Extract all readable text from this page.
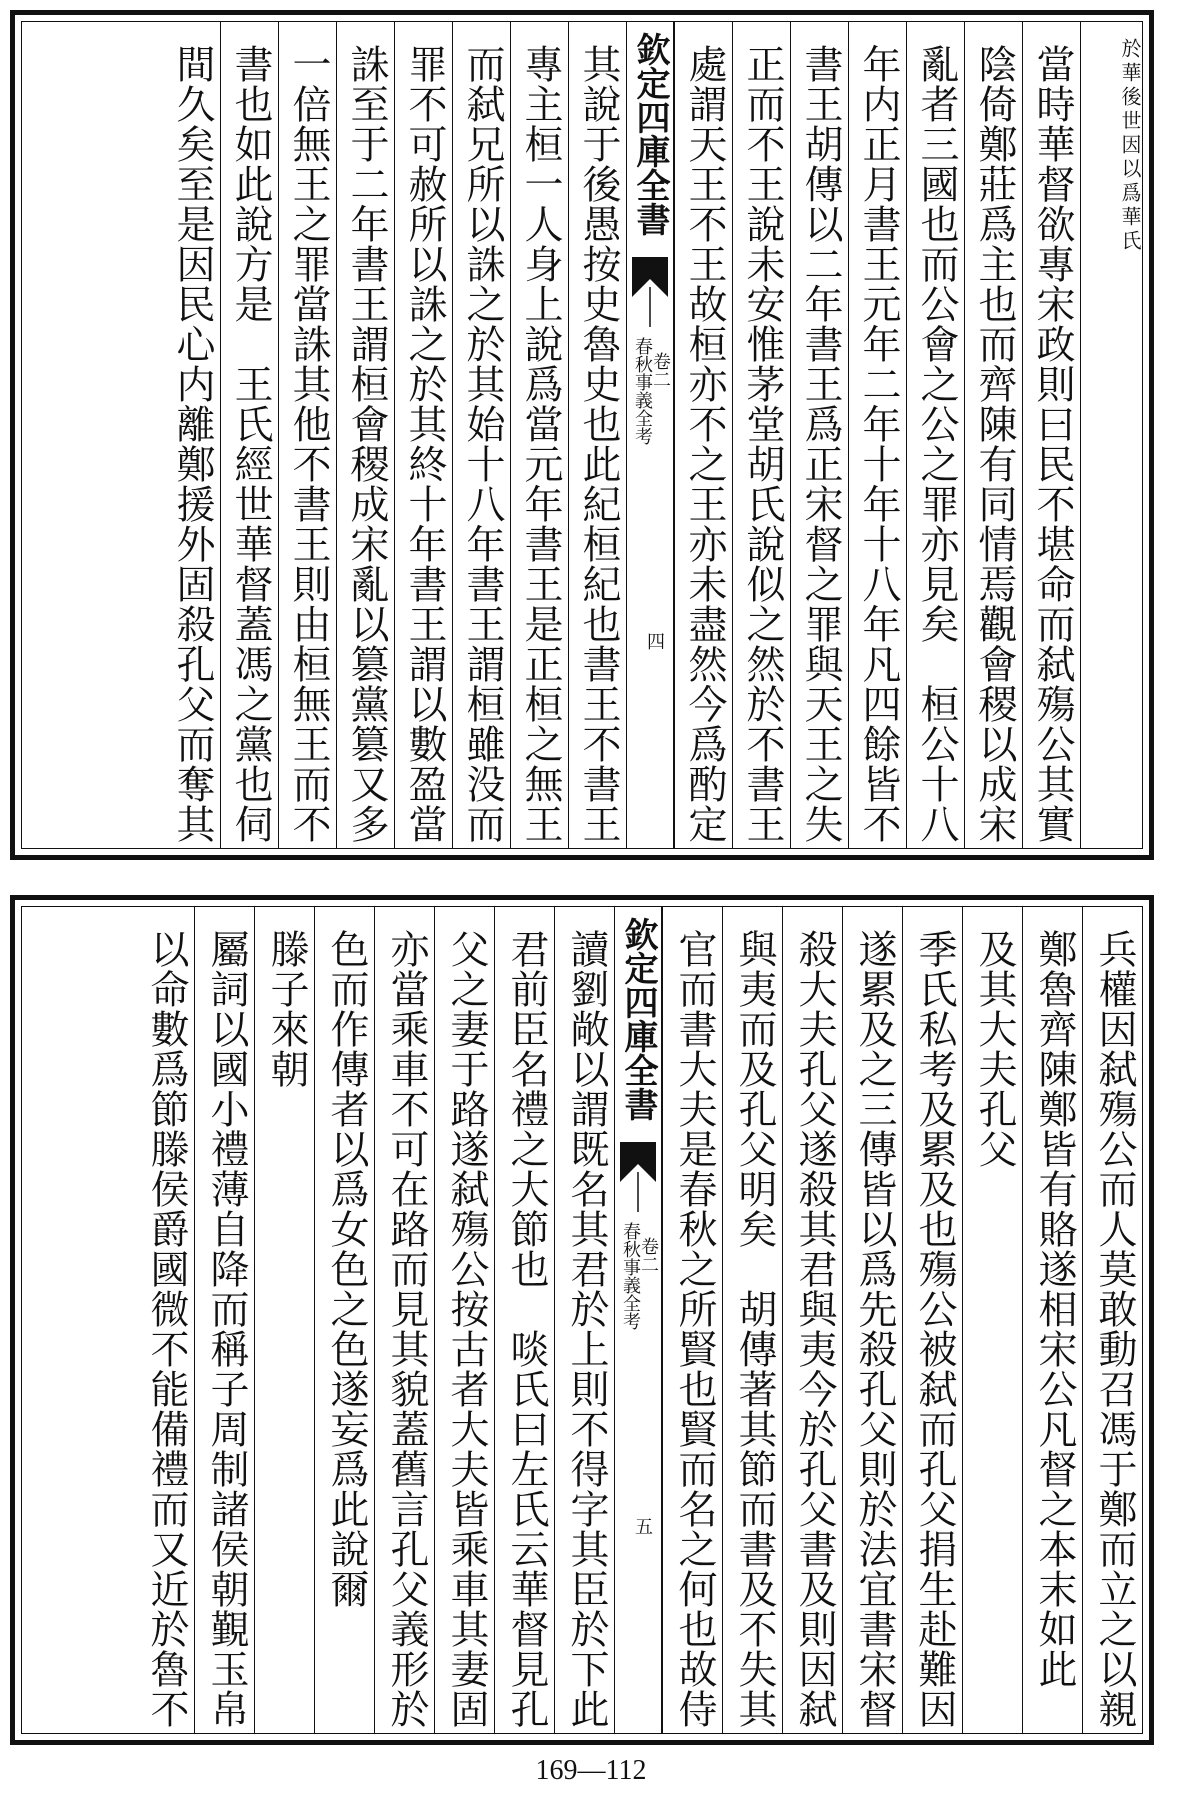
於華後世因
以爲華氏
當時華督欲專宋政則曰民不堪命而弑殤公其實
陰倚鄭莊爲主也而齊陳有同情焉觀會稷以成宋
亂者三國也而公會之公之罪亦見矣　桓公十八
年内正月書王元年二年十年十八年凡四餘皆不
書王胡傳以二年書王爲正宋督之罪與天王之失
正而不王說未安惟茅堂胡氏說似之然於不書王
處謂天王不王故桓亦不之王亦未盡然今爲酌定
欽定四庫全書
春秋事義全考
卷二
四
其說于後愚按史魯史也此紀桓紀也書王不書王
專主桓一人身上說爲當元年書王是正桓之無王
而弑兄所以誅之於其始十八年書王謂桓雖没而
罪不可赦所以誅之於其終十年書王謂以數盈當
誅至于二年書王謂桓會稷成宋亂以篡黨篡又多
一倍無王之罪當誅其他不書王則由桓無王而不
書也如此說方是　王氏經世華督蓋馮之黨也伺
間久矣至是因民心内離鄭援外固殺孔父而奪其
兵權因弑殤公而人莫敢動召馮于鄭而立之以親
鄭魯齊陳鄭皆有賂遂相宋公凡督之本末如此
及其大夫孔父
季氏私考及累及也殤公被弑而孔父捐生赴難因
遂累及之三傳皆以爲先殺孔父則於法宜書宋督
殺大夫孔父遂殺其君與夷今於孔父書及則因弑
與夷而及孔父明矣　胡傳著其節而書及不失其
官而書大夫是春秋之所賢也賢而名之何也故侍
欽定四庫全書
春秋事義全考
卷二
五
讀劉敞以謂既名其君於上則不得字其臣於下此
君前臣名禮之大節也　啖氏曰左氏云華督見孔
父之妻于路遂弑殤公按古者大夫皆乘車其妻固
亦當乘車不可在路而見其貌蓋舊言孔父義形於
色而作傳者以爲女色之色遂妄爲此說爾
滕子來朝
屬詞以國小禮薄自降而稱子周制諸侯朝覲玉帛
以命數爲節滕侯爵國微不能備禮而又近於魯不
169—112
